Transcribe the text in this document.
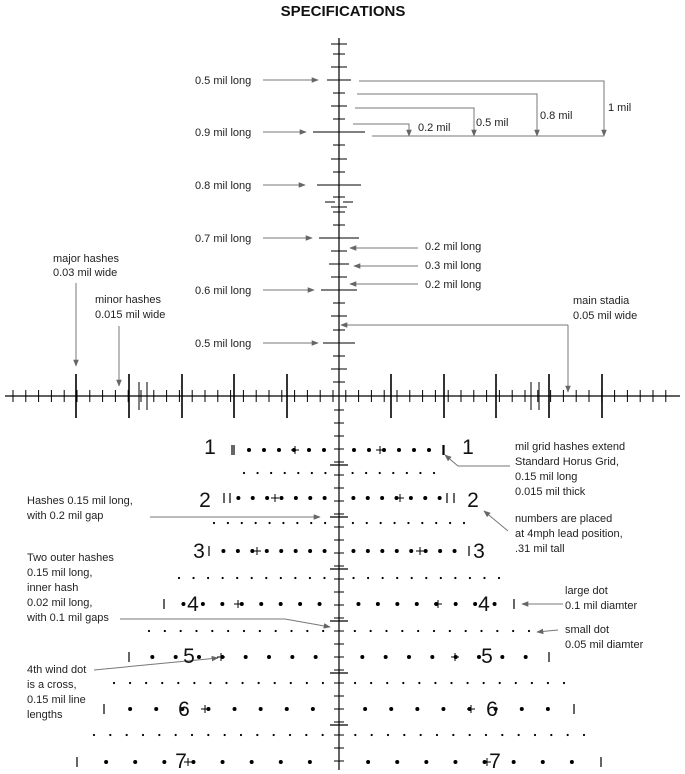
SPECIFICATIONS
0.5 mil long
0.9 mil long
0.8 mil long
0.7 mil long
0.6 mil long
0.5 mil long
0.2 mil 0.5 mil
0.8 mil
1 mil
0.2 mil long
0.3 mil long
0.2 mil long
major hashes
0.03 mil wide
minor hashes
0.015 mil wide
main stadia
0.05 mil wide
mil grid hashes extend
Standard Horus Grid,
0.15 mil long
0.015 mil thick
numbers are placed
at 4mph lead position,
.31 mil tall
Hashes 0.15 mil long,
with 0.2 mil gap
Two outer hashes
0.15 mil long,
inner hash
0.02 mil long,
with 0.1 mil gaps
large dot
0.1 mil diamter
small dot
0.05 mil diamter
4th wind dot
is a cross,
0.15 mil line
lengths
1	1
2	2
3	3
4	4
5	5
6	6
7	7
